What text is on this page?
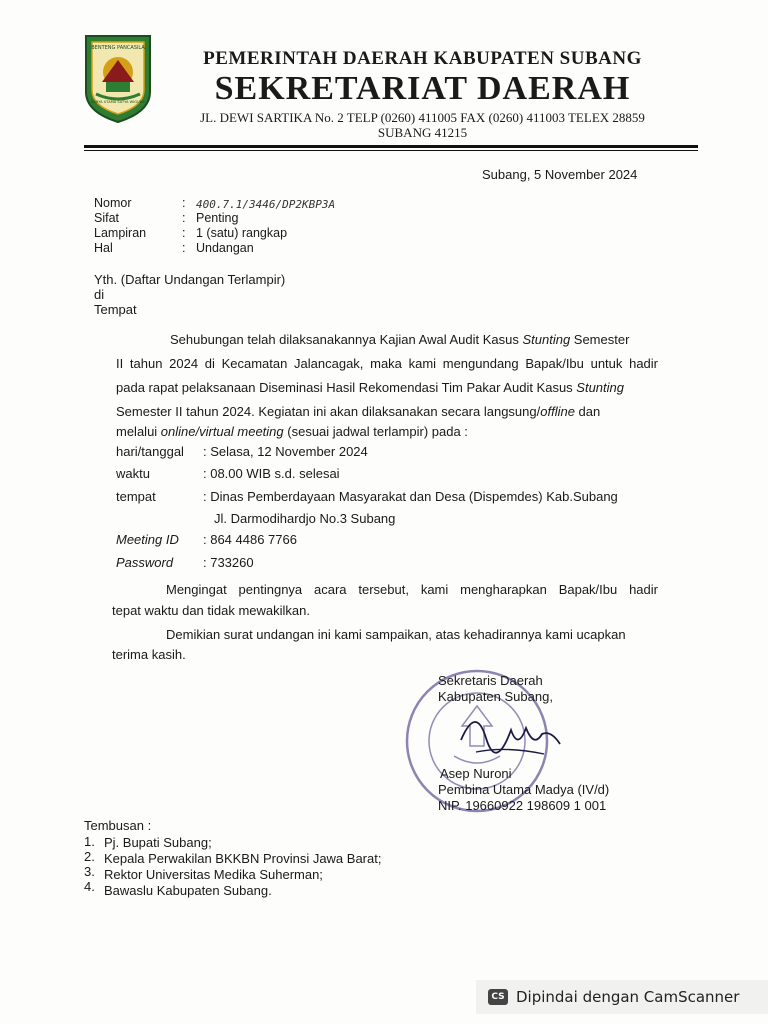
BENTENG PANCASILA
KARYA UTAMA SATYA WIGUNA
PEMERINTAH DAERAH KABUPATEN SUBANG
SEKRETARIAT DAERAH
JL. DEWI SARTIKA No. 2 TELP (0260) 411005 FAX (0260) 411003 TELEX 28859
SUBANG 41215
Subang, 5 November 2024
Nomor	: 400.7.1/3446/DP2KBP3A
Sifat	: Penting
Lampiran	: 1 (satu) rangkap
Hal	: Undangan
Yth. (Daftar Undangan Terlampir)
di
Tempat
Sehubungan telah dilaksanakannya Kajian Awal Audit Kasus Stunting Semester
II tahun 2024 di Kecamatan Jalancagak, maka kami mengundang Bapak/Ibu untuk hadir
pada rapat pelaksanaan Diseminasi Hasil Rekomendasi Tim Pakar Audit Kasus Stunting
Semester II tahun 2024. Kegiatan ini akan dilaksanakan secara langsung/offline dan
melalui online/virtual meeting (sesuai jadwal terlampir) pada :
hari/tanggal : Selasa, 12 November 2024
waktu	: 08.00 WIB s.d. selesai
tempat	: Dinas Pemberdayaan Masyarakat dan Desa (Dispemdes) Kab.Subang
Jl. Darmodihardjo No.3 Subang
Meeting ID : 864 4486 7766
Password : 733260
Mengingat pentingnya acara tersebut, kami mengharapkan Bapak/Ibu hadir
tepat waktu dan tidak mewakilkan.
Demikian surat undangan ini kami sampaikan, atas kehadirannya kami ucapkan
terima kasih.
Sekretaris Daerah
Kabupaten Subang,
Asep Nuroni
Pembina Utama Madya (IV/d)
NIP. 19660922 198609 1 001
Tembusan :
1. Pj. Bupati Subang;
2. Kepala Perwakilan BKKBN Provinsi Jawa Barat;
3. Rektor Universitas Medika Suherman;
4. Bawaslu Kabupaten Subang.
CS Dipindai dengan CamScanner
